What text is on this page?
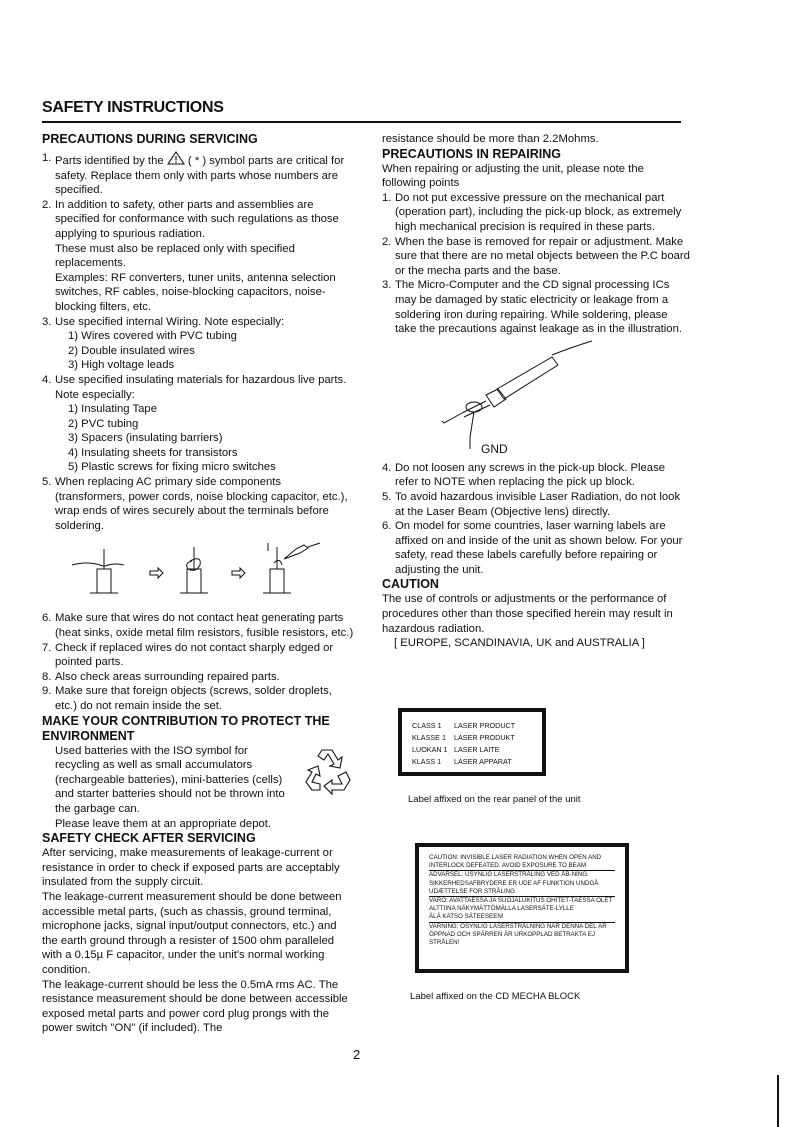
SAFETY INSTRUCTIONS
PRECAUTIONS DURING SERVICING
1. Parts identified by the ( * ) symbol parts are critical for safety. Replace them only with parts whose numbers are specified.
2. In addition to safety, other parts and assemblies are specified for conformance with such regulations as those applying to spurious radiation.

These must also be replaced only with specified replacements.

Examples: RF converters, tuner units, antenna selection switches, RF cables, noise-blocking capacitors, noise-blocking filters, etc.

3. Use specified internal Wiring. Note especially:

1) Wires covered with PVC tubing

2) Double insulated wires

3) High voltage leads

4. Use specified insulating materials for hazardous live parts. Note especially:

1) Insulating Tape

2) PVC tubing

3) Spacers (insulating barriers)

4) Insulating sheets for transistors

5) Plastic screws for fixing micro switches

5. When replacing AC primary side components (transformers, power cords, noise blocking capacitor, etc.), wrap ends of wires securely about the terminals before soldering.

6. Make sure that wires do not contact heat generating parts (heat sinks, oxide metal film resistors, fusible resistors, etc.)

7. Check if replaced wires do not contact sharply edged or pointed parts.

8. Also check areas surrounding repaired parts.

9. Make sure that foreign objects (screws, solder droplets, etc.) do not remain inside the set.

MAKE YOUR CONTRIBUTION TO PROTECT THE ENVIRONMENT

Used batteries with the ISO symbol for recycling as well as small accumulators (rechargeable batteries), mini-batteries (cells) and starter batteries should not be thrown into the garbage can.

Please leave them at an appropriate depot.

SAFETY CHECK AFTER SERVICING

After servicing, make measurements of leakage-current or resistance in order to check if exposed parts are acceptably insulated from the supply circuit.

The leakage-current measurement should be done between accessible metal parts, (such as chassis, ground terminal, microphone jacks, signal input/output connectors, etc.) and the earth ground through a resister of 1500 ohm paralleled with a 0.15µ F capacitor, under the unit's normal working condition.

The leakage-current should be less the 0.5mA rms AC. The resistance measurement should be done between accessible exposed metal parts and power cord plug prongs with the power switch "ON" (if included). The

resistance should be more than 2.2Mohms.

PRECAUTIONS IN REPAIRING

When repairing or adjusting the unit, please note the following points

1. Do not put excessive pressure on the mechanical part (operation part), including the pick-up block, as extremely high mechanical precision is required in these parts.

2. When the base is removed for repair or adjustment. Make sure that there are no metal objects between the P.C board or the mecha parts and the base.

3. The Micro-Computer and the CD signal processing ICs may be damaged by static electricity or leakage from a soldering iron during repairing. While soldering, please take the precautions against leakage as in the illustration.

GND
4. Do not loosen any screws in the pick-up block. Please refer to NOTE when replacing the pick up block.

5. To avoid hazardous invisible Laser Radiation, do not look at the Laser Beam (Objective lens) directly.

6. On model for some countries, laser warning labels are affixed on and inside of the unit as shown below. For your safety, read these labels carefully before repairing or adjusting the unit.

CAUTION

The use of controls or adjustments or the performance of procedures other than those specified herein may result in hazardous radiation.

[ EUROPE, SCANDINAVIA, UK and AUSTRALIA ]

CLASS 1	LASER PRODUCT
KLASSE 1	LASER PRODUKT
LUOKAN 1 LASER LAITE
KLASS 1	LASER APPARAT
Label affixed on the rear panel of the unit

CAUTION: INVISIBLE LASER RADIATION WHEN OPEN AND INTERLOCK DEFEATED. AVOID EXPOSURE TO BEAM

ADVARSEL: USYNLIG LASERSTRÅLING VED ÅB-NING. SIKKERHEDSAFBRYDERE ER UDE AF FUNKTION UNDGÅ UDÆTTELSE FOR STRÅLING

VARO: AVATTAESSA JA SUOJALUKITUS OHITET-TAESSA OLET ALTTIINA NÄKYMÄTTÖMÄLLA LASERSÄTE-LYLLE

ÄLÄ KATSO SÄTEESEEN!

VARNING: OSYNLIG LASERSTRÅLNING NÄR DENNA DEL ÄR ÖPPNAD OCH SPÄRREN ÄR URKOPPLAD BETRAKTA EJ STRÅLEN!

Label affixed on the CD MECHA BLOCK
2
